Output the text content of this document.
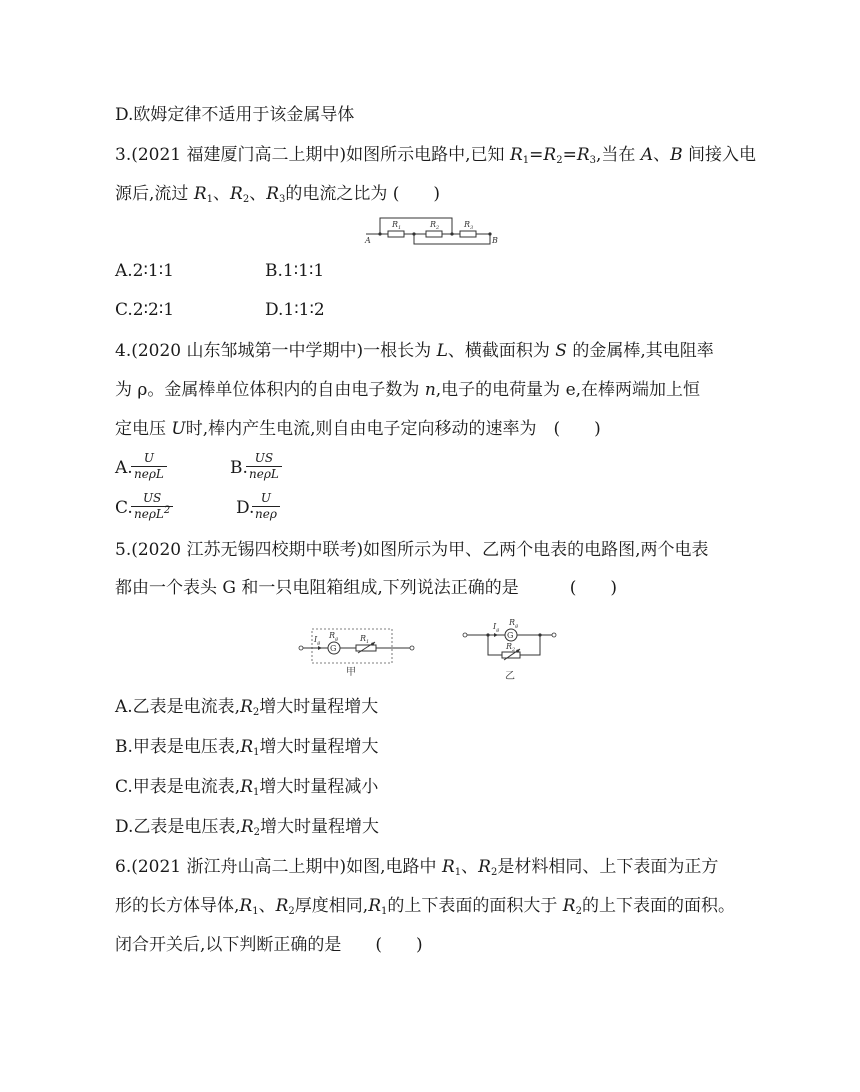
D.欧姆定律不适用于该金属导体
3.(2021 福建厦门高二上期中)如图所示电路中,已知 $R_1=R_2=R_3$,当在 A、B 间接入电
源后,流过 $R_1$、$R_2$、$R_3$的电流之比为 (　　)
$R_1$	$R_2$	$R_3$
A	B
A.2∶1∶1	B.1∶1∶1
C.2∶2∶1	D.1∶1∶2
4.(2020 山东邹城第一中学期中)一根长为 L、横截面积为 S 的金属棒,其电阻率
为 ρ。金属棒单位体积内的自由电子数为 n,电子的电荷量为 e,在棒两端加上恒
定电压 U时,棒内产生电流,则自由电子定向移动的速率为　(　　)
A. U
neρL	B. US
neρL
C. US
neρL$^2$	D. U
neρ
5.(2020 江苏无锡四校期中联考)如图所示为甲、乙两个电表的电路图,两个电表
都由一个表头 G 和一只电阻箱组成,下列说法正确的是　　　(　　)
$I_g$
$R_g$	$R_1$
G
甲
$I_g$
$R_g$
$R_2$
G
乙
A.乙表是电流表$,R_2$增大时量程增大
B.甲表是电压表$,R_1$增大时量程增大
C.甲表是电流表$,R_1$增大时量程减小
D.乙表是电压表$,R_2$增大时量程增大
6.(2021 浙江舟山高二上期中)如图,电路中 $R_1$、$R_2$是材料相同、上下表面为正方
形的长方体导体$,R_1$、$R_2$厚度相同$,R_1$的上下表面的面积大于 $R_2$的上下表面的面积。
闭合开关后,以下判断正确的是　　(　　)
